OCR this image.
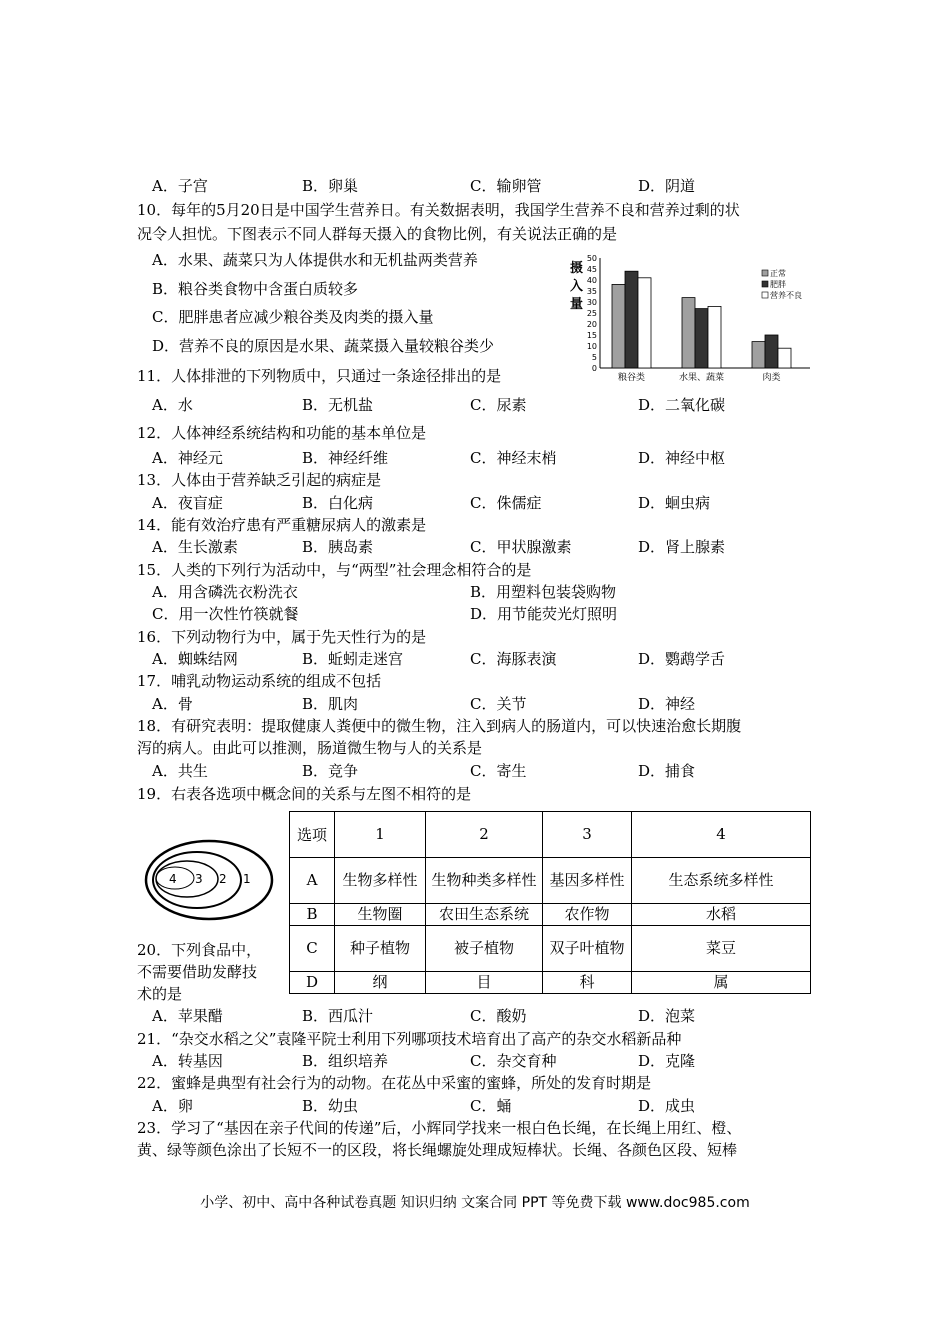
A．子宫	B．卵巢	C．输卵管	D．阴道
10．每年的5月20日是中国学生营养日。有关数据表明，我国学生营养不良和营养过剩的状
况令人担忧。下图表示不同人群每天摄入的食物比例，有关说法正确的是
A．水果、蔬菜只为人体提供水和无机盐两类营养
B．粮谷类食物中含蛋白质较多
C．肥胖患者应减少粮谷类及肉类的摄入量
D．营养不良的原因是水果、蔬菜摄入量较粮谷类少
摄
入
量
0
5
10
15
20
25
30
35
40
45
50
粮谷类	水果、蔬菜	肉类
正常
肥胖
营养不良
11．人体排泄的下列物质中，只通过一条途径排出的是
A．水	B．无机盐	C．尿素	D．二氧化碳
12．人体神经系统结构和功能的基本单位是
A．神经元	B．神经纤维	C．神经末梢	D．神经中枢
13．人体由于营养缺乏引起的病症是
A．夜盲症	B．白化病	C．侏儒症	D．蛔虫病
14．能有效治疗患有严重糖尿病人的激素是
A．生长激素	B．胰岛素	C．甲状腺激素	D．肾上腺素
15．人类的下列行为活动中，与“两型”社会理念相符合的是
A．用含磷洗衣粉洗衣	B．用塑料包装袋购物
C．用一次性竹筷就餐	D．用节能荧光灯照明
16．下列动物行为中，属于先天性行为的是
A．蜘蛛结网	B．蚯蚓走迷宫	C．海豚表演	D．鹦鹉学舌
17．哺乳动物运动系统的组成不包括
A．骨	B．肌肉	C．关节	D．神经
18．有研究表明：提取健康人粪便中的微生物，注入到病人的肠道内，可以快速治愈长期腹
泻的病人。由此可以推测，肠道微生物与人的关系是
A．共生	B．竞争	C．寄生	D．捕食
19．右表各选项中概念间的关系与左图不相符的是
4 3 2 1
选项	1	2	3	4
A	生物多样性	生物种类多样性	基因多样性	生态系统多样性
B	生物圈	农田生态系统	农作物	水稻
C	种子植物	被子植物	双子叶植物	菜豆
D	纲	目	科	属
20．下列食品中，
不需要借助发酵技
术的是
A．苹果醋	B．西瓜汁	C．酸奶	D．泡菜
21．“杂交水稻之父”袁隆平院士利用下列哪项技术培育出了高产的杂交水稻新品种
A．转基因	B．组织培养	C．杂交育种	D．克隆
22．蜜蜂是典型有社会行为的动物。在花丛中采蜜的蜜蜂，所处的发育时期是
A．卵	B．幼虫	C．蛹	D．成虫
23．学习了“基因在亲子代间的传递”后，小辉同学找来一根白色长绳，在长绳上用红、橙、
黄、绿等颜色涂出了长短不一的区段，将长绳螺旋处理成短棒状。长绳、各颜色区段、短棒
小学、初中、高中各种试卷真题 知识归纳 文案合同 PPT 等免费下载 www.doc985.com
